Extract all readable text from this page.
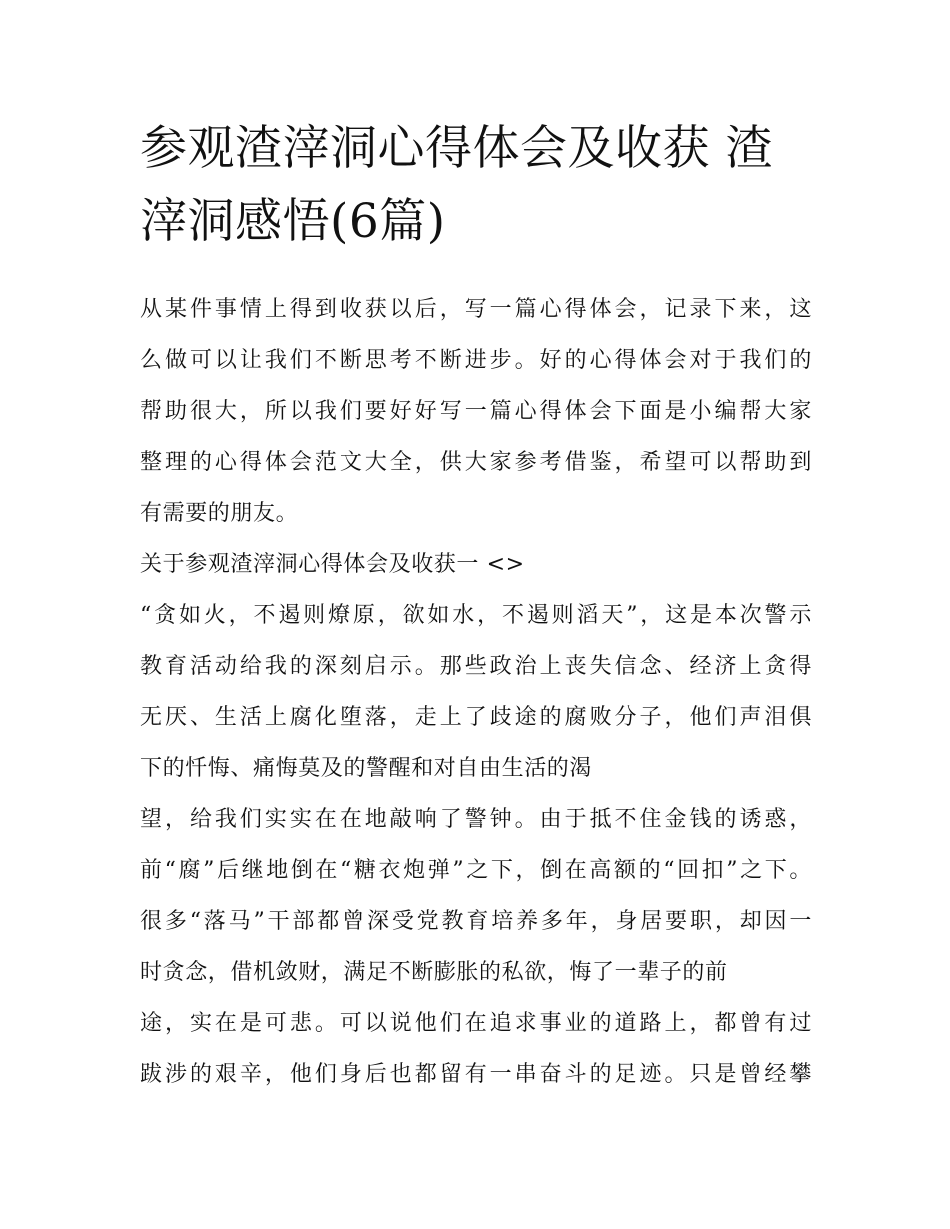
参观渣滓洞心得体会及收获 渣
滓洞感悟(6篇)
从某件事情上得到收获以后，写一篇心得体会，记录下来，这
么做可以让我们不断思考不断进步。好的心得体会对于我们的
帮助很大，所以我们要好好写一篇心得体会下面是小编帮大家
整理的心得体会范文大全，供大家参考借鉴，希望可以帮助到
有需要的朋友。
关于参观渣滓洞心得体会及收获一 <>
“贪如火，不遏则燎原，欲如水，不遏则滔天”，这是本次警示
教育活动给我的深刻启示。那些政治上丧失信念、经济上贪得
无厌、生活上腐化堕落，走上了歧途的腐败分子，他们声泪俱
下的忏悔、痛悔莫及的警醒和对自由生活的渴
望，给我们实实在在地敲响了警钟。由于抵不住金钱的诱惑，
前“腐”后继地倒在“糖衣炮弹”之下，倒在高额的“回扣”之下。
很多“落马”干部都曾深受党教育培养多年，身居要职，却因一
时贪念，借机敛财，满足不断膨胀的私欲，悔了一辈子的前
途，实在是可悲。可以说他们在追求事业的道路上，都曾有过
跋涉的艰辛，他们身后也都留有一串奋斗的足迹。只是曾经攀
